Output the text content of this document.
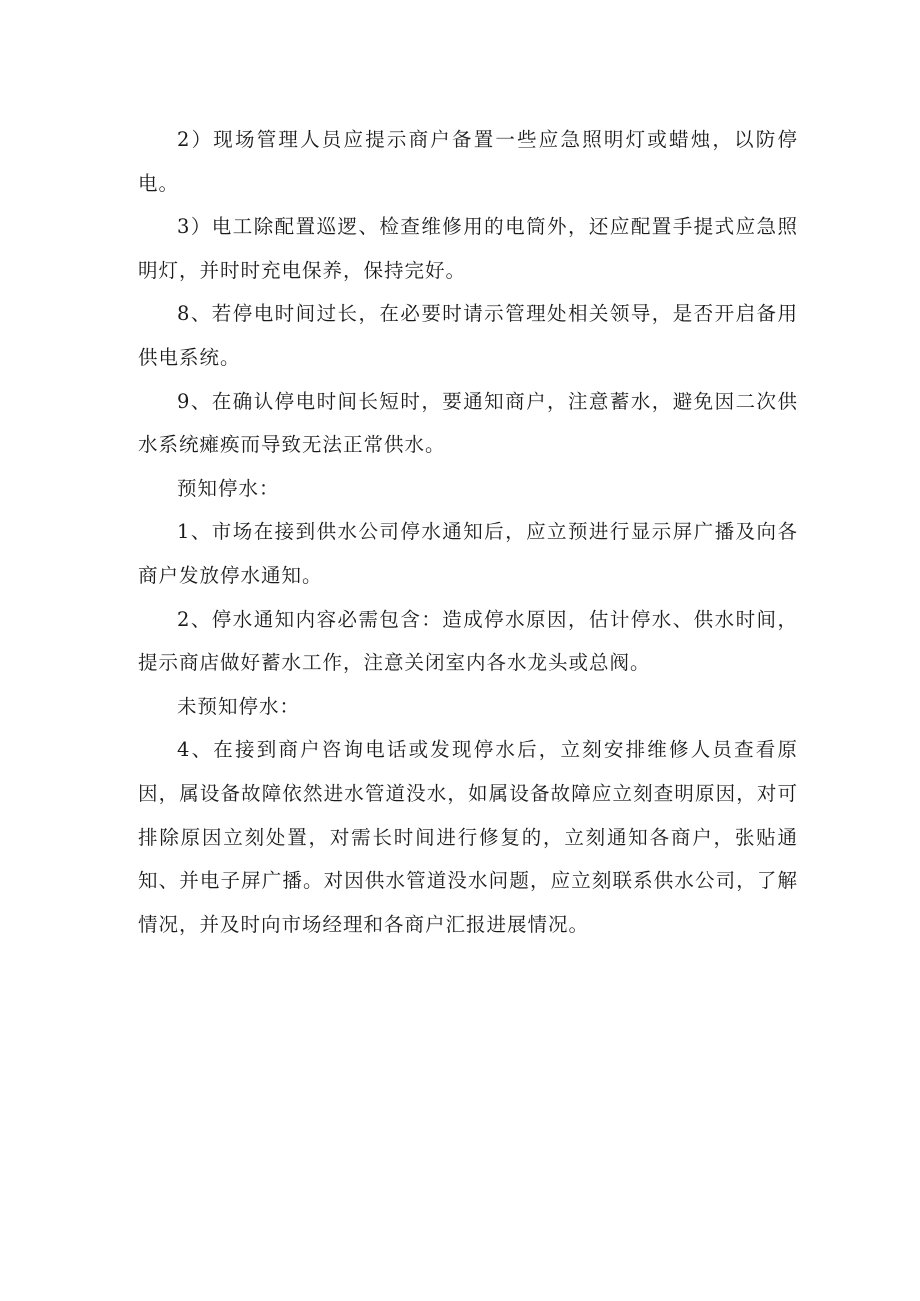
2）现场管理人员应提示商户备置一些应急照明灯或蜡烛，以防停电。

3）电工除配置巡逻、检查维修用的电筒外，还应配置手提式应急照明灯，并时时充电保养，保持完好。

8、若停电时间过长，在必要时请示管理处相关领导，是否开启备用供电系统。

9、在确认停电时间长短时，要通知商户，注意蓄水，避免因二次供水系统瘫痪而导致无法正常供水。

预知停水：

1、市场在接到供水公司停水通知后，应立预进行显示屏广播及向各商户发放停水通知。

2、停水通知内容必需包含：造成停水原因，估计停水、供水时间，提示商店做好蓄水工作，注意关闭室内各水龙头或总阀。

未预知停水：

4、在接到商户咨询电话或发现停水后，立刻安排维修人员查看原因，属设备故障依然进水管道没水，如属设备故障应立刻查明原因，对可排除原因立刻处置，对需长时间进行修复的，立刻通知各商户，张贴通知、并电子屏广播。对因供水管道没水问题，应立刻联系供水公司，了解情况，并及时向市场经理和各商户汇报进展情况。
